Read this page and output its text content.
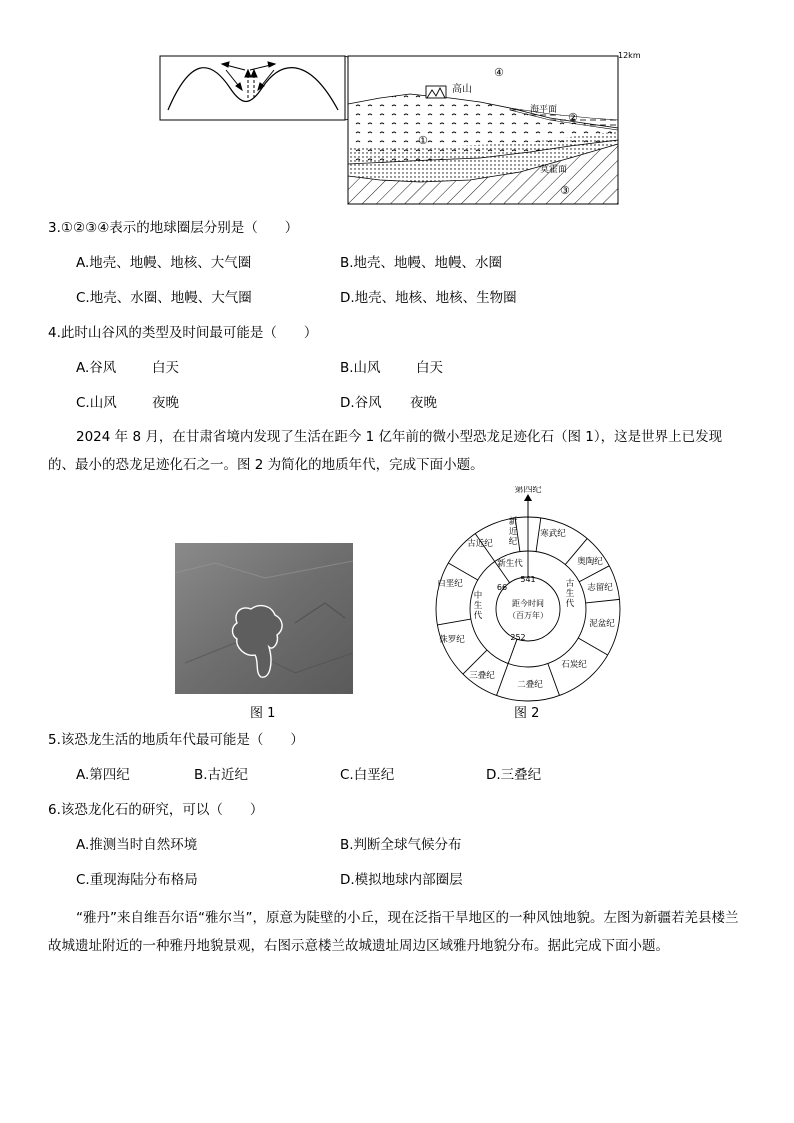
12km
高山
④
海平面
②
①
莫霍面
③
3.①②③④表示的地球圈层分别是（　　）
A.地壳、地幔、地核、大气圈	B.地壳、地幔、地幔、水圈
C.地壳、水圈、地幔、大气圈	D.地壳、地核、地核、生物圈
4.此时山谷风的类型及时间最可能是（　　）
A.谷风	白天	B.山风	白天
C.山风	夜晚	D.谷风 夜晚
2024 年 8 月，在甘肃省境内发现了生活在距今 1 亿年前的微小型恐龙足迹化石（图 1），这是世界上已发现的、最小的恐龙足迹化石之一。图 2 为简化的地质年代，完成下面小题。
图 1
第四纪
距今时间
（百万年）
541
66
252
新生代
中生代
古生代
新近纪
寒武纪
奥陶纪
志留纪
泥盆纪
石炭纪
二叠纪
三叠纪
侏罗纪
白垩纪
古近纪
图 2
5.该恐龙生活的地质年代最可能是（　　）
A.第四纪	B.古近纪	C.白垩纪	D.三叠纪
6.该恐龙化石的研究，可以（　　）
A.推测当时自然环境	B.判断全球气候分布
C.重现海陆分布格局	D.模拟地球内部圈层
“雅丹”来自维吾尔语“雅尔当”，原意为陡壁的小丘，现在泛指干旱地区的一种风蚀地貌。左图为新疆若羌县楼兰故城遗址附近的一种雅丹地貌景观，右图示意楼兰故城遗址周边区域雅丹地貌分布。据此完成下面小题。
